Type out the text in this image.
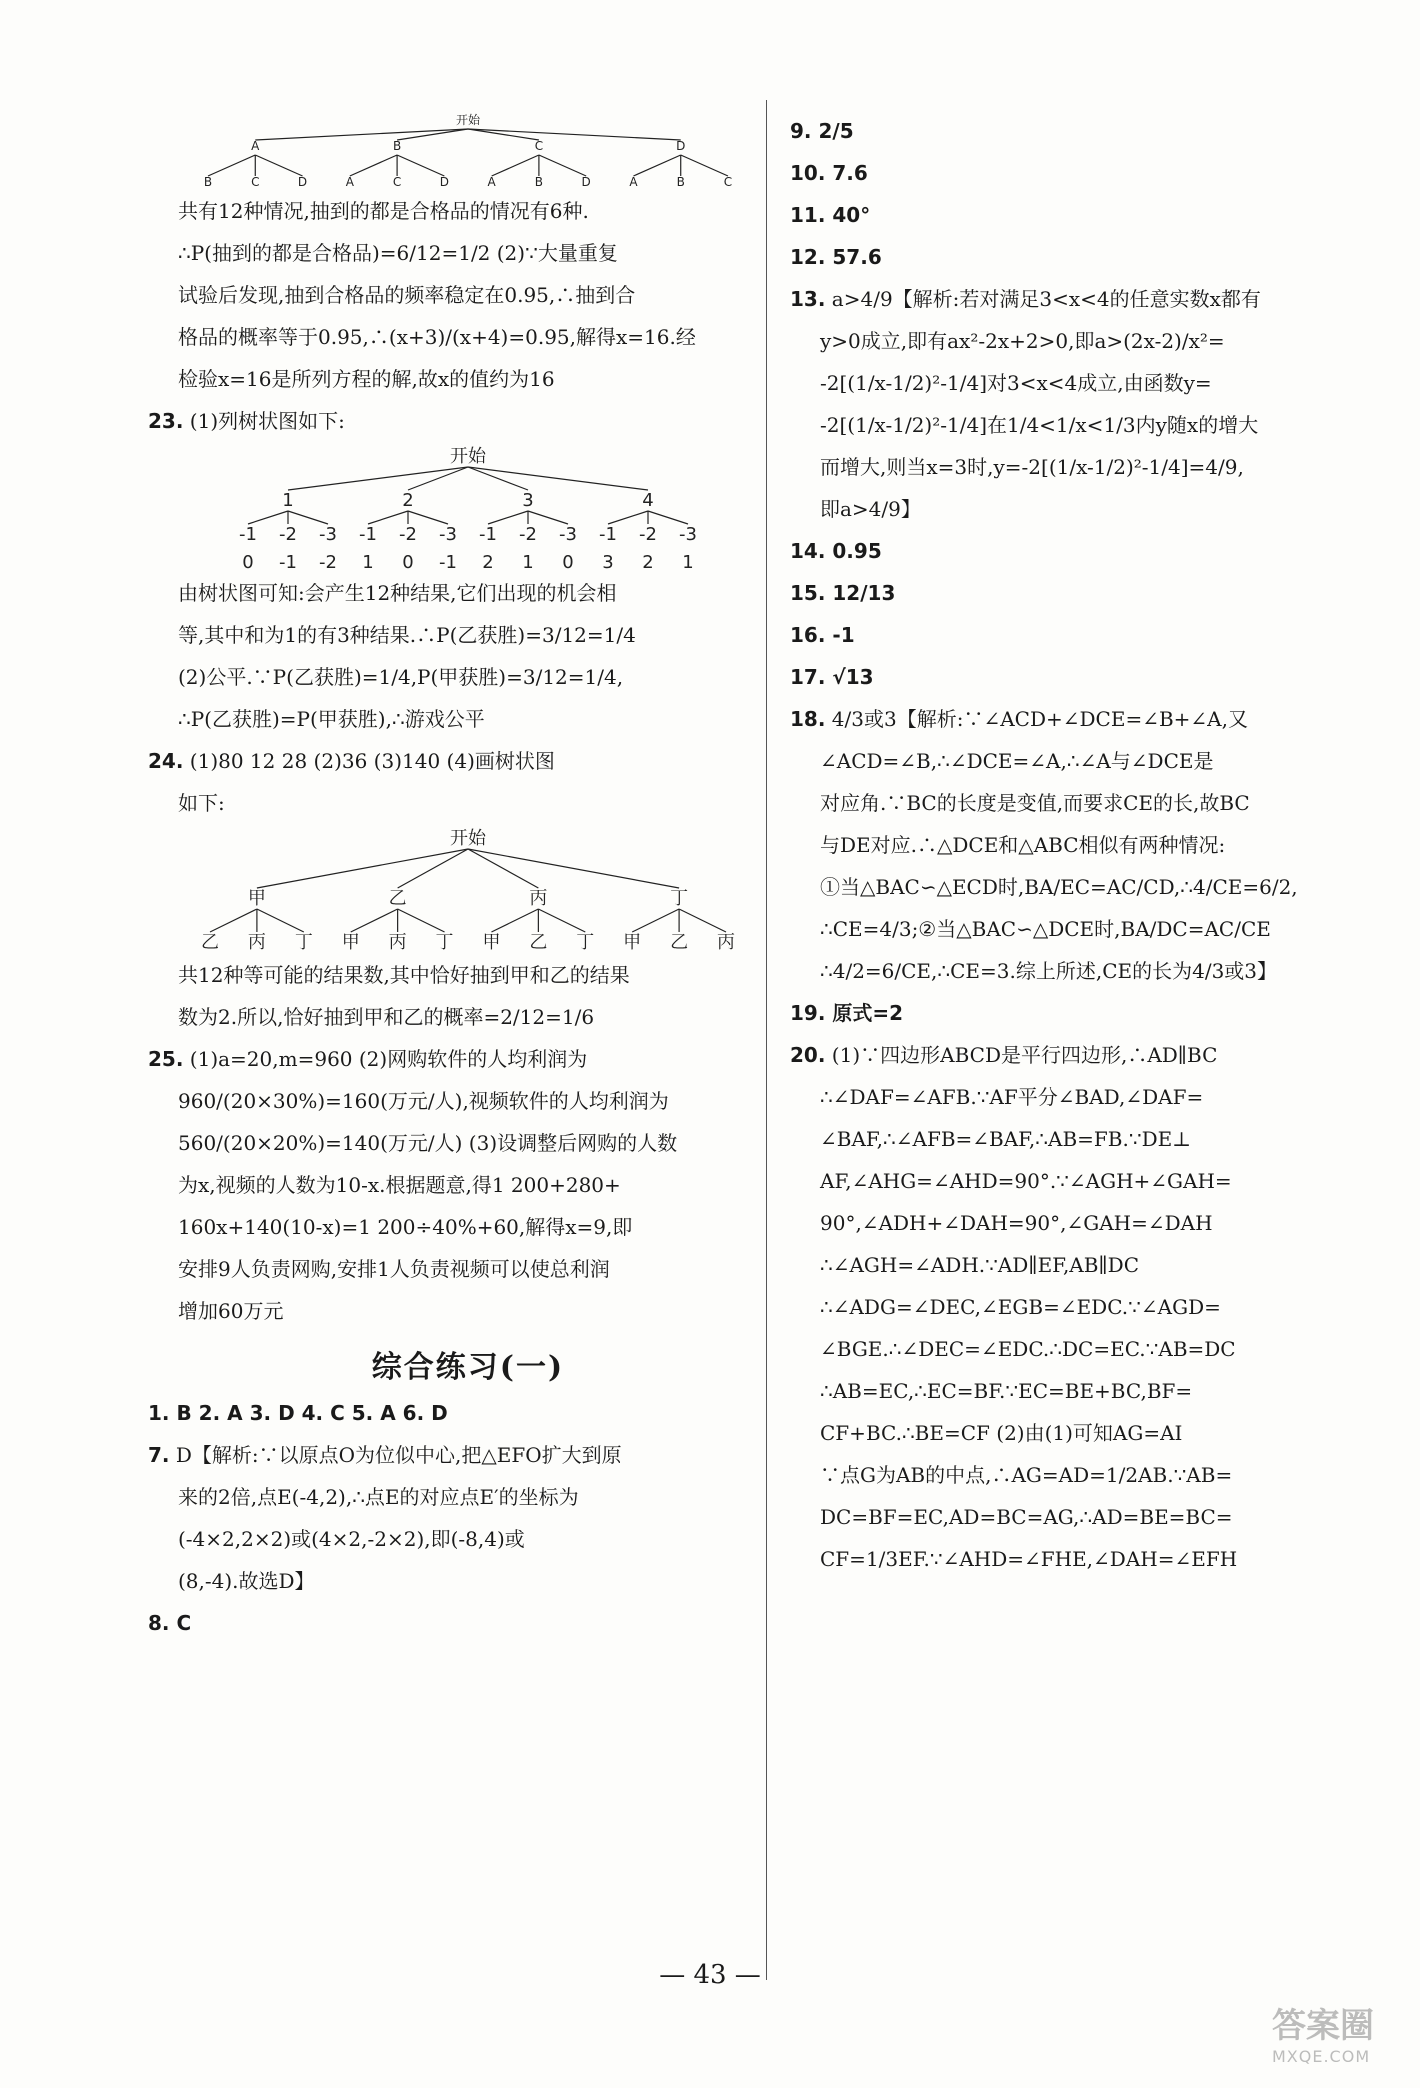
开始
A	B	C	D
B	C	D	A	C	D	A	B	D	A	B	C
共有12种情况,抽到的都是合格品的情况有6种.
∴P(抽到的都是合格品)=6/12=1/2 (2)∵大量重复
试验后发现,抽到合格品的频率稳定在0.95,∴抽到合
格品的概率等于0.95,∴(x+3)/(x+4)=0.95,解得x=16.经
检验x=16是所列方程的解,故x的值约为16
23. (1)列树状图如下:
开始
1	2	3	4
-1 -2 -3 -1 -2 -3 -1 -2 -3 -1 -2 -3
0 -1 -2 1 0 -1 2 1 0 3 2 1
由树状图可知:会产生12种结果,它们出现的机会相
等,其中和为1的有3种结果.∴P(乙获胜)=3/12=1/4
(2)公平.∵P(乙获胜)=1/4,P(甲获胜)=3/12=1/4,
∴P(乙获胜)=P(甲获胜),∴游戏公平
24. (1)80 12 28 (2)36 (3)140 (4)画树状图
如下:
开始
甲	乙	丙	丁
乙 丙 丁 甲 丙 丁 甲 乙 丁 甲 乙 丙
共12种等可能的结果数,其中恰好抽到甲和乙的结果
数为2.所以,恰好抽到甲和乙的概率=2/12=1/6
25. (1)a=20,m=960 (2)网购软件的人均利润为
960/(20×30%)=160(万元/人),视频软件的人均利润为
560/(20×20%)=140(万元/人) (3)设调整后网购的人数
为x,视频的人数为10-x.根据题意,得1 200+280+
160x+140(10-x)=1 200÷40%+60,解得x=9,即
安排9人负责网购,安排1人负责视频可以使总利润
增加60万元
综合练习(一)
1. B 2. A 3. D 4. C 5. A 6. D
7. D【解析:∵以原点O为位似中心,把△EFO扩大到原
来的2倍,点E(-4,2),∴点E的对应点E′的坐标为
(-4×2,2×2)或(4×2,-2×2),即(-8,4)或
(8,-4).故选D】
8. C
9. 2/5
10. 7.6
11. 40°
12. 57.6
13. a>4/9【解析:若对满足3<x<4的任意实数x都有
y>0成立,即有ax²-2x+2>0,即a>(2x-2)/x²=
-2[(1/x-1/2)²-1/4]对3<x<4成立,由函数y=
-2[(1/x-1/2)²-1/4]在1/4<1/x<1/3内y随x的增大
而增大,则当x=3时,y=-2[(1/x-1/2)²-1/4]=4/9,
即a>4/9】
14. 0.95
15. 12/13
16. -1
17. √13
18. 4/3或3【解析:∵∠ACD+∠DCE=∠B+∠A,又
∠ACD=∠B,∴∠DCE=∠A,∴∠A与∠DCE是
对应角.∵BC的长度是变值,而要求CE的长,故BC
与DE对应.∴△DCE和△ABC相似有两种情况:
①当△BAC∽△ECD时,BA/EC=AC/CD,∴4/CE=6/2,
∴CE=4/3;②当△BAC∽△DCE时,BA/DC=AC/CE
∴4/2=6/CE,∴CE=3.综上所述,CE的长为4/3或3】
19. 原式=2
20. (1)∵四边形ABCD是平行四边形,∴AD∥BC
∴∠DAF=∠AFB.∵AF平分∠BAD,∠DAF=
∠BAF,∴∠AFB=∠BAF,∴AB=FB.∵DE⊥
AF,∠AHG=∠AHD=90°.∵∠AGH+∠GAH=
90°,∠ADH+∠DAH=90°,∠GAH=∠DAH
∴∠AGH=∠ADH.∵AD∥EF,AB∥DC
∴∠ADG=∠DEC,∠EGB=∠EDC.∵∠AGD=
∠BGE.∴∠DEC=∠EDC.∴DC=EC.∵AB=DC
∴AB=EC,∴EC=BF.∵EC=BE+BC,BF=
CF+BC.∴BE=CF (2)由(1)可知AG=AI
∵点G为AB的中点,∴AG=AD=1/2AB.∵AB=
DC=BF=EC,AD=BC=AG,∴AD=BE=BC=
CF=1/3EF.∵∠AHD=∠FHE,∠DAH=∠EFH
— 43 —
答案圈
MXQE.COM
